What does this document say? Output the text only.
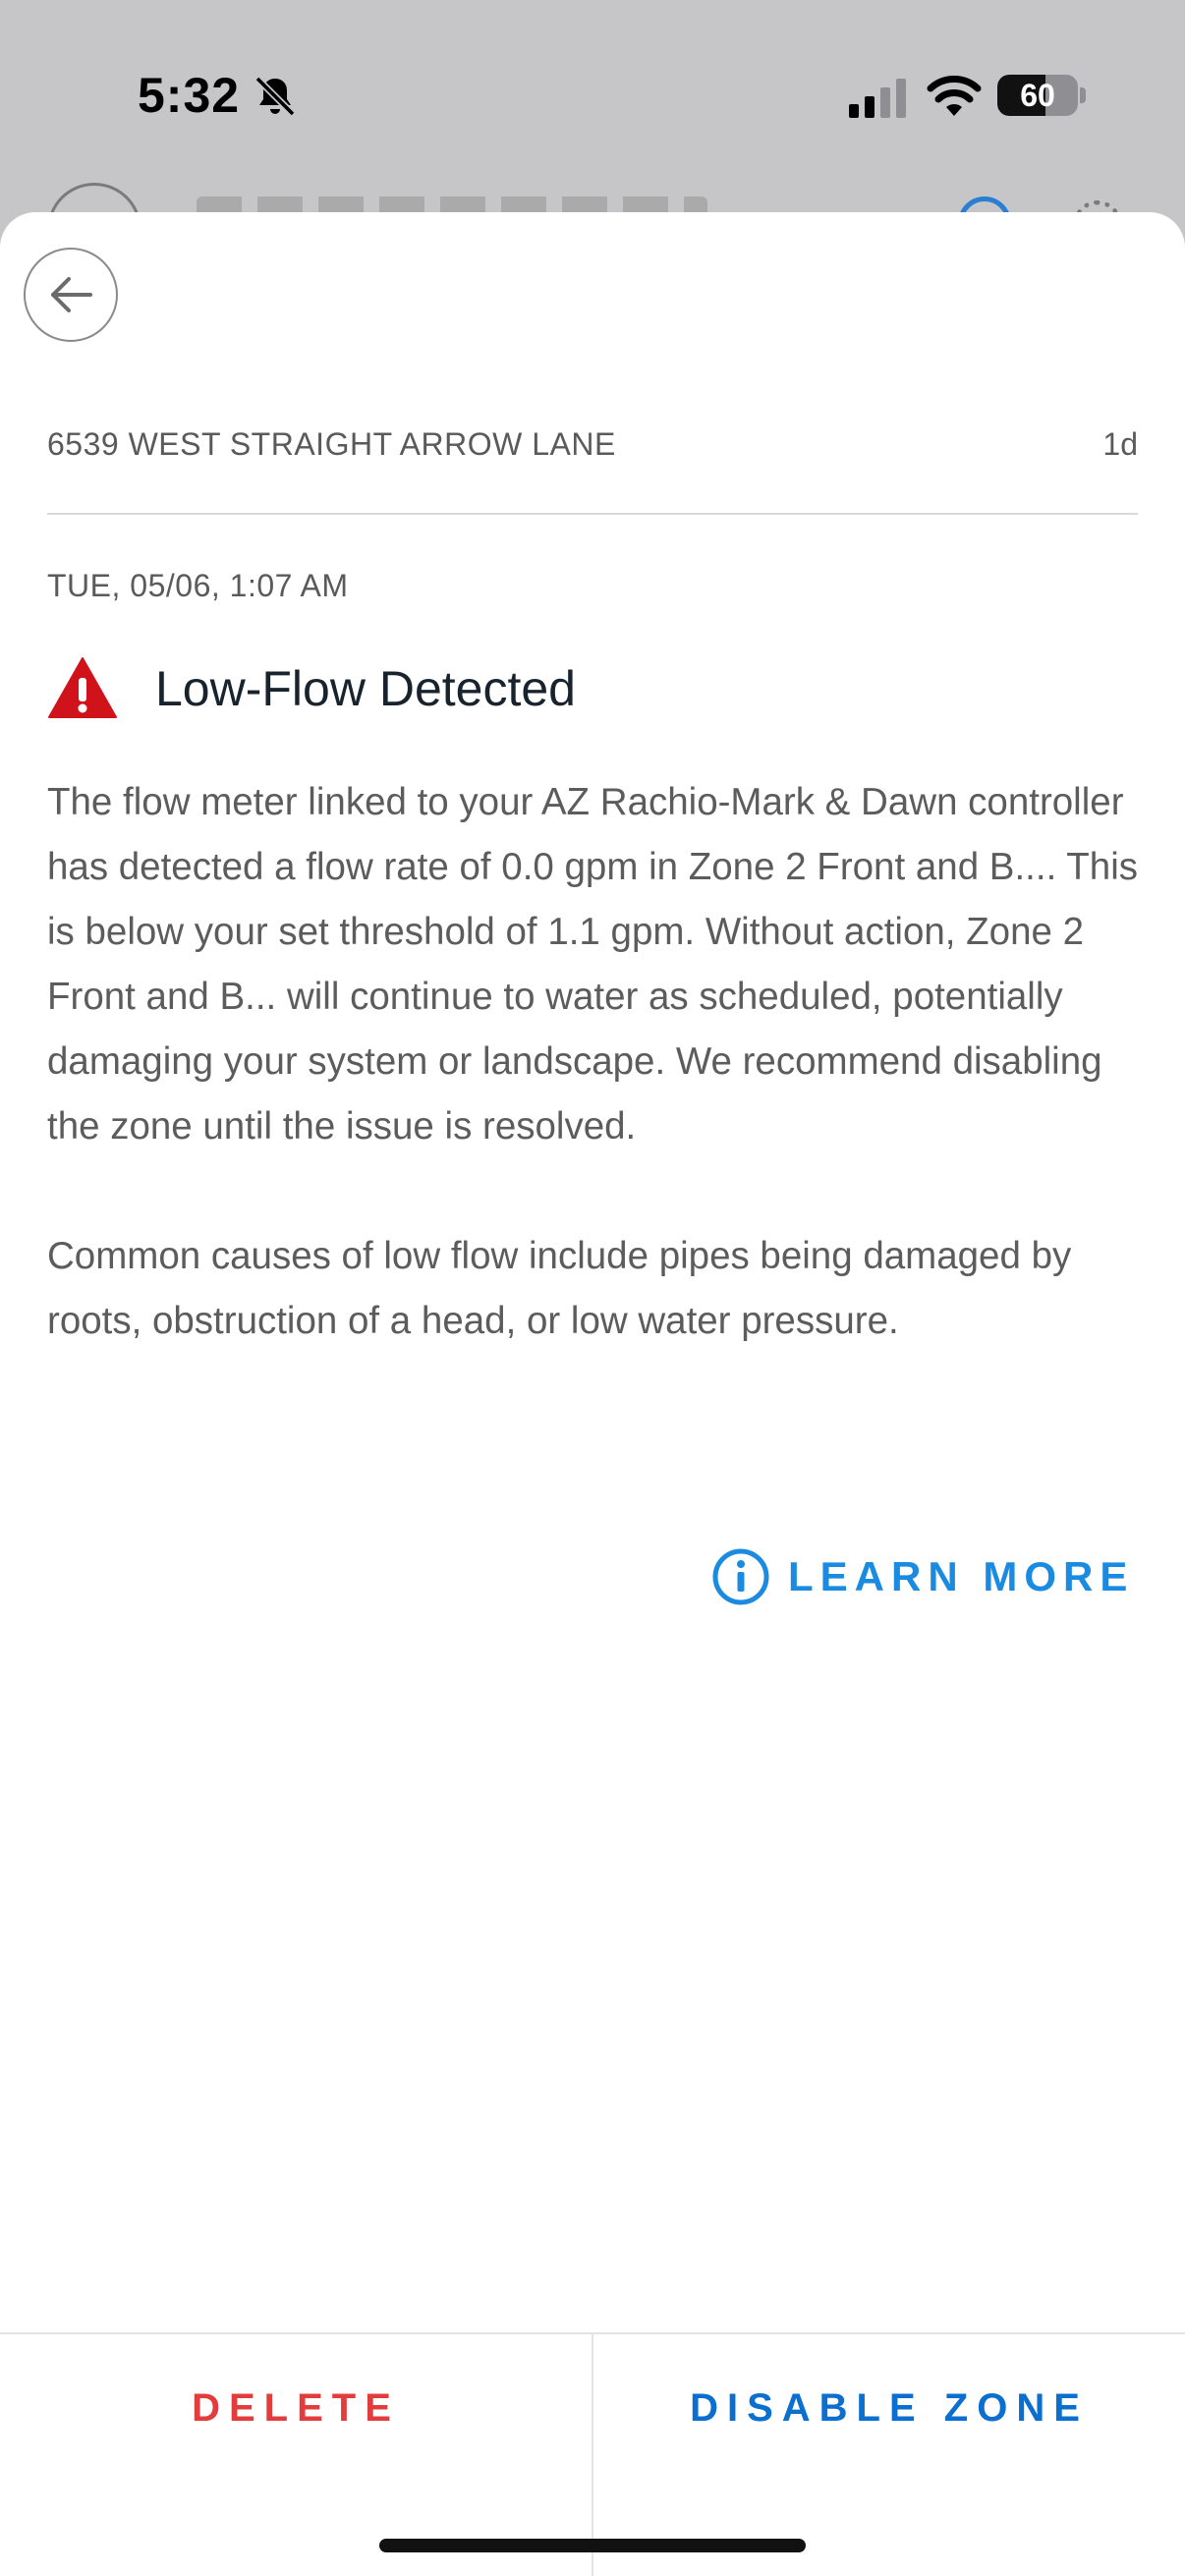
5:32	60
6539 WEST STRAIGHT ARROW LANE	1d
TUE, 05/06, 1:07 AM
Low-Flow Detected

The flow meter linked to your AZ Rachio-Mark & Dawn controller has detected a flow rate of 0.0 gpm in Zone 2 Front and B.... This is below your set threshold of 1.1 gpm. Without action, Zone 2 Front and B... will continue to water as scheduled, potentially damaging your system or landscape. We recommend disabling the zone until the issue is resolved.

Common causes of low flow include pipes being damaged by roots, obstruction of a head, or low water pressure.

LEARN MORE
DELETE	DISABLE ZONE
